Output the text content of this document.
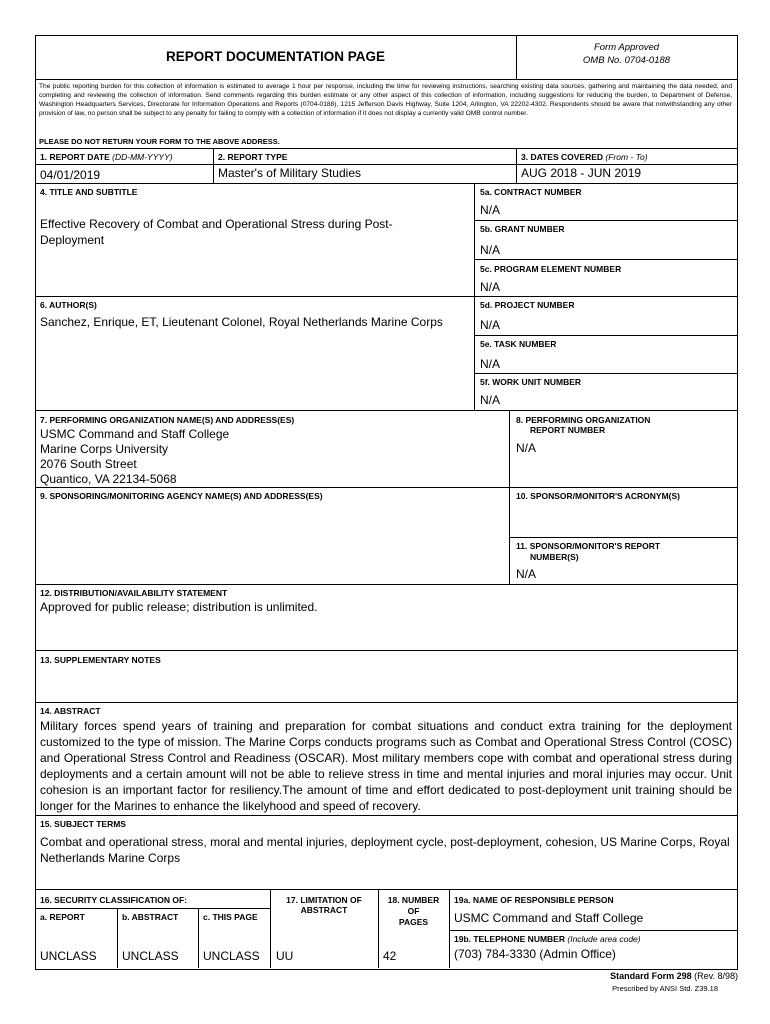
REPORT DOCUMENTATION PAGE
Form Approved
OMB No. 0704-0188
The public reporting burden for this collection of information is estimated to average 1 hour per response, including the time for reviewing instructions, searching existing data sources, gathering and maintaining the data needed, and completing and reviewing the collection of information. Send comments regarding this burden estimate or any other aspect of this collection of information, including suggestions for reducing the burden, to Department of Defense, Washington Headquarters Services, Directorate for Information Operations and Reports (0704-0188), 1215 Jefferson Davis Highway, Suite 1204, Arlington, VA 22202-4302. Respondents should be aware that notwithstanding any other provision of law, no person shall be subject to any penalty for failing to comply with a collection of information if it does not display a currently valid OMB control number.
PLEASE DO NOT RETURN YOUR FORM TO THE ABOVE ADDRESS.
1. REPORT DATE (DD-MM-YYYY)
04/01/2019
2. REPORT TYPE
Master's of Military Studies
3. DATES COVERED (From - To)
AUG 2018 - JUN 2019
4. TITLE AND SUBTITLE
Effective Recovery of Combat and Operational Stress during Post-Deployment
5a. CONTRACT NUMBER
N/A
5b. GRANT NUMBER
N/A
5c. PROGRAM ELEMENT NUMBER
N/A
6. AUTHOR(S)
Sanchez, Enrique, ET, Lieutenant Colonel, Royal Netherlands Marine Corps
5d. PROJECT NUMBER
N/A
5e. TASK NUMBER
N/A
5f. WORK UNIT NUMBER
N/A
7. PERFORMING ORGANIZATION NAME(S) AND ADDRESS(ES)
USMC Command and Staff College
Marine Corps University
2076 South Street
Quantico, VA 22134-5068
8. PERFORMING ORGANIZATION
REPORT NUMBER
N/A
9. SPONSORING/MONITORING AGENCY NAME(S) AND ADDRESS(ES)	10. SPONSOR/MONITOR'S ACRONYM(S)
11. SPONSOR/MONITOR'S REPORT
NUMBER(S)
N/A
12. DISTRIBUTION/AVAILABILITY STATEMENT
Approved for public release; distribution is unlimited.
13. SUPPLEMENTARY NOTES
14. ABSTRACT
Military forces spend years of training and preparation for combat situations and conduct extra training for the deployment customized to the type of mission. The Marine Corps conducts programs such as Combat and Operational Stress Control (COSC) and Operational Stress Control and Readiness (OSCAR). Most military members cope with combat and operational stress during deployments and a certain amount will not be able to relieve stress in time and mental injuries and moral injuries may occur. Unit cohesion is an important factor for resiliency.The amount of time and effort dedicated to post-deployment unit training should be longer for the Marines to enhance the likelyhood and speed of recovery.
15. SUBJECT TERMS
Combat and operational stress, moral and mental injuries, deployment cycle, post-deployment, cohesion, US Marine Corps, Royal Netherlands Marine Corps
16. SECURITY CLASSIFICATION OF:
a. REPORT	b. ABSTRACT	c. THIS PAGE
UNCLASS UNCLASS UNCLASS
17. LIMITATION OF
ABSTRACT
UU
18. NUMBER
OF
PAGES
42
19a. NAME OF RESPONSIBLE PERSON
USMC Command and Staff College
19b. TELEPHONE NUMBER (Include area code)
(703) 784-3330 (Admin Office)
Standard Form 298 (Rev. 8/98)
Prescribed by ANSI Std. Z39.18
